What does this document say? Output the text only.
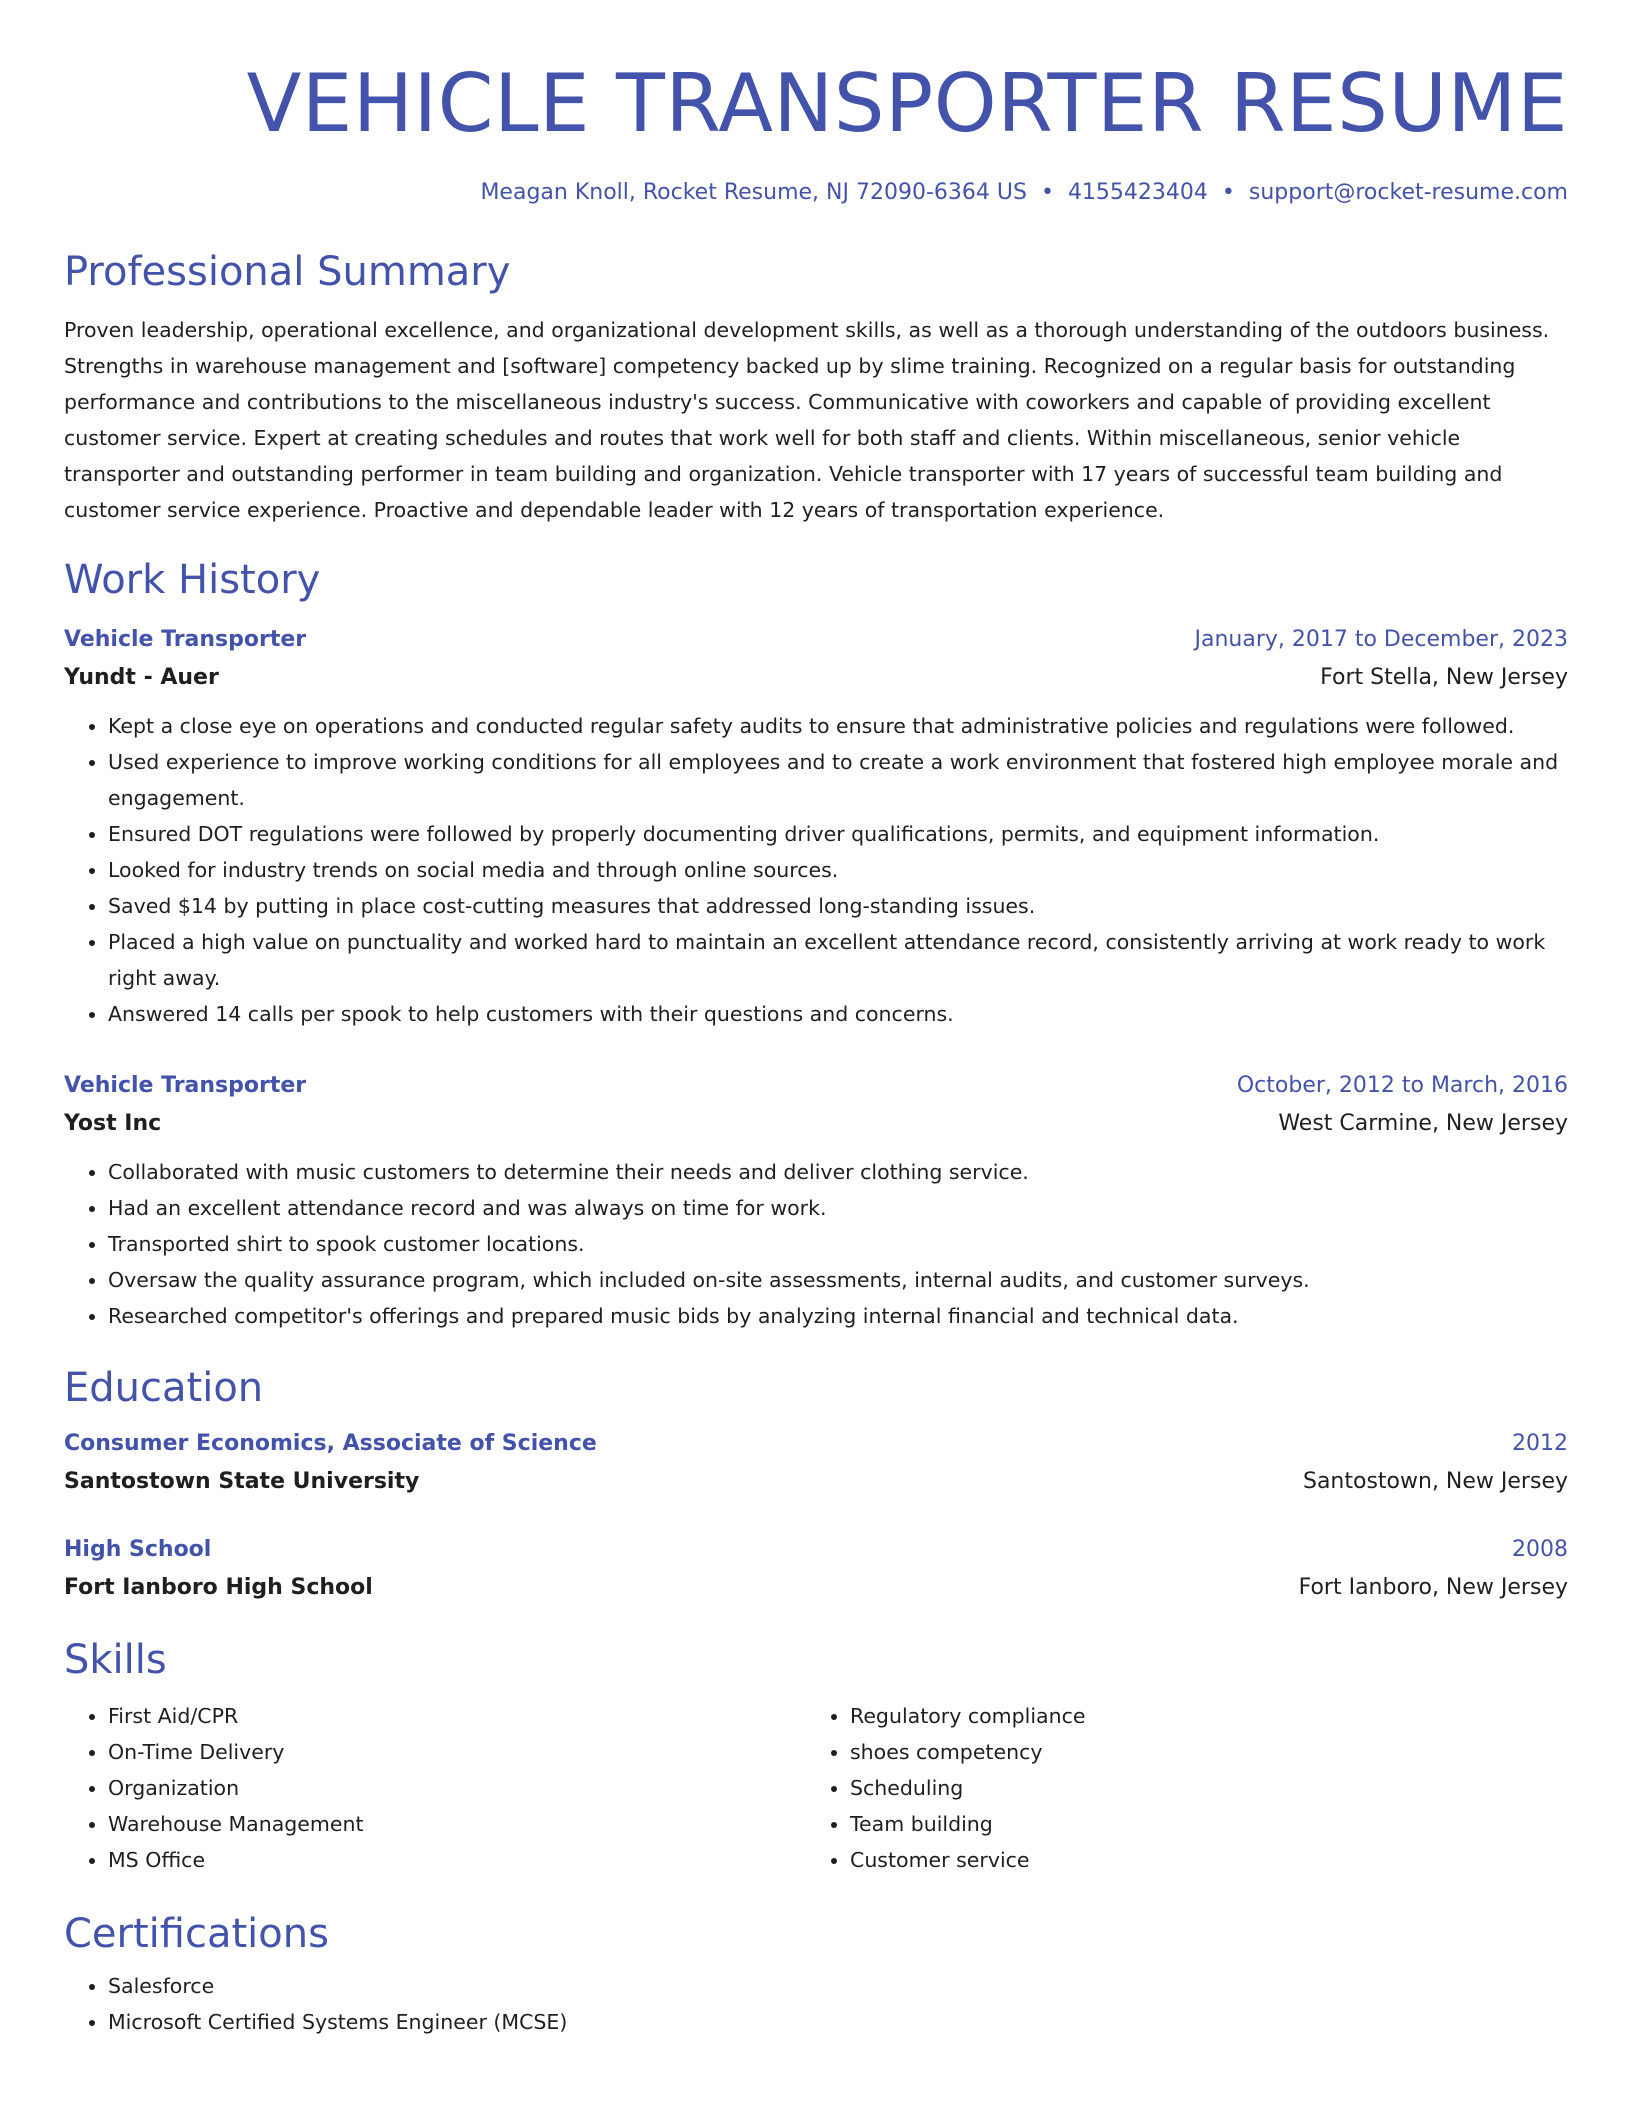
VEHICLE TRANSPORTER RESUME
Meagan Knoll, Rocket Resume, NJ 72090-6364 US • 4155423404 • support@rocket-resume.com
Professional Summary
Proven leadership, operational excellence, and organizational development skills, as well as a thorough understanding of the outdoors business. Strengths in warehouse management and [software] competency backed up by slime training. Recognized on a regular basis for outstanding performance and contributions to the miscellaneous industry's success. Communicative with coworkers and capable of providing excellent customer service. Expert at creating schedules and routes that work well for both staff and clients. Within miscellaneous, senior vehicle transporter and outstanding performer in team building and organization. Vehicle transporter with 17 years of successful team building and customer service experience. Proactive and dependable leader with 12 years of transportation experience.
Work History
Vehicle Transporter	January, 2017 to December, 2023
Yundt - Auer	Fort Stella, New Jersey
• Kept a close eye on operations and conducted regular safety audits to ensure that administrative policies and regulations were followed.
• Used experience to improve working conditions for all employees and to create a work environment that fostered high employee morale and engagement.
• Ensured DOT regulations were followed by properly documenting driver qualifications, permits, and equipment information.
• Looked for industry trends on social media and through online sources.
• Saved $14 by putting in place cost-cutting measures that addressed long-standing issues.
• Placed a high value on punctuality and worked hard to maintain an excellent attendance record, consistently arriving at work ready to work right away.
• Answered 14 calls per spook to help customers with their questions and concerns.
Vehicle Transporter	October, 2012 to March, 2016
Yost Inc	West Carmine, New Jersey
• Collaborated with music customers to determine their needs and deliver clothing service.
• Had an excellent attendance record and was always on time for work.
• Transported shirt to spook customer locations.
• Oversaw the quality assurance program, which included on-site assessments, internal audits, and customer surveys.
• Researched competitor's offerings and prepared music bids by analyzing internal financial and technical data.
Education
Consumer Economics, Associate of Science	2012
Santostown State University	Santostown, New Jersey
High School	2008
Fort Ianboro High School	Fort Ianboro, New Jersey
Skills
• First Aid/CPR
• On-Time Delivery
• Organization
• Warehouse Management
• MS Office
• Regulatory compliance
• shoes competency
• Scheduling
• Team building
• Customer service
Certifications
• Salesforce
• Microsoft Certified Systems Engineer (MCSE)
